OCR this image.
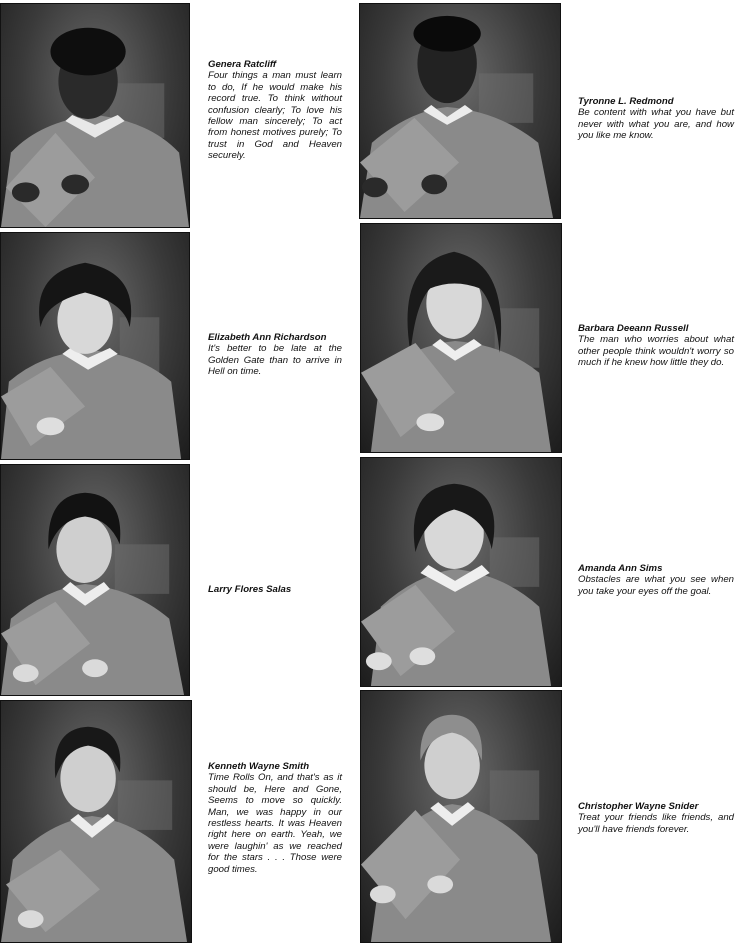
Genera Ratcliff
Four things a man must learn to do, If he would make his record true. To think without confusion clearly; To love his fellow man sincerely; To act from honest motives purely; To trust in God and Heaven securely.
Elizabeth Ann Richardson
It's better to be late at the Golden Gate than to arrive in Hell on time.
Larry Flores Salas
Kenneth Wayne Smith
Time Rolls On, and that's as it should be, Here and Gone, Seems to move so quickly. Man, we was happy in our restless hearts. It was Heaven right here on earth. Yeah, we were laughin' as we reached for the stars . . . Those were good times.
Tyronne L. Redmond
Be content with what you have but never with what you are, and how you like me know.
Barbara Deeann Russell
The man who worries about what other people think wouldn't worry so much if he knew how little they do.
Amanda Ann Sims
Obstacles are what you see when you take your eyes off the goal.
Christopher Wayne Snider
Treat your friends like friends, and you'll have friends forever.
